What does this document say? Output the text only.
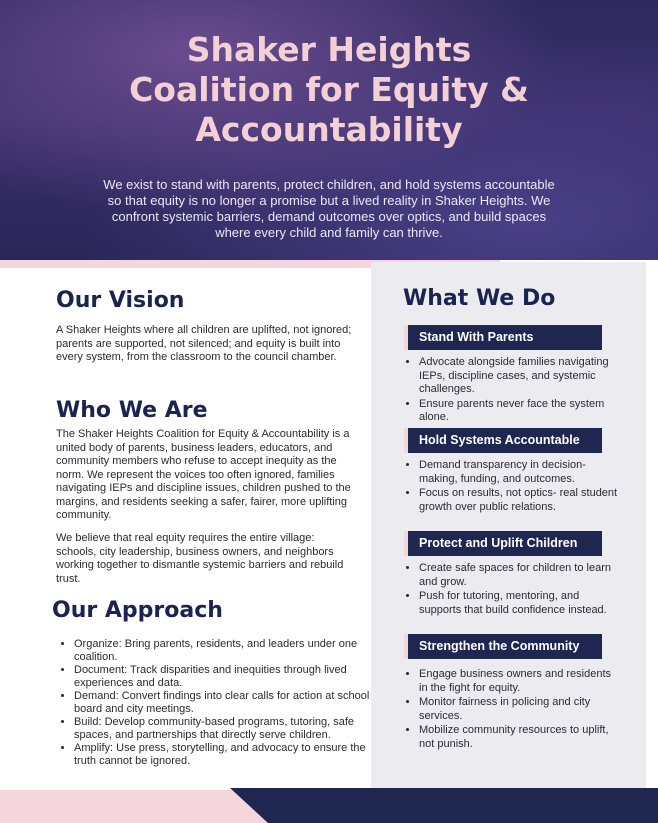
Shaker Heights
Coalition for Equity &
Accountability

We exist to stand with parents, protect children, and hold systems accountable so that equity is no longer a promise but a lived reality in Shaker Heights. We confront systemic barriers, demand outcomes over optics, and build spaces where every child and family can thrive.

Our Vision

A Shaker Heights where all children are uplifted, not ignored; parents are supported, not silenced; and equity is built into every system, from the classroom to the council chamber.

Who We Are

The Shaker Heights Coalition for Equity & Accountability is a united body of parents, business leaders, educators, and community members who refuse to accept inequity as the norm. We represent the voices too often ignored, families navigating IEPs and discipline issues, children pushed to the margins, and residents seeking a safer, fairer, more uplifting community.

We believe that real equity requires the entire village: schools, city leadership, business owners, and neighbors working together to dismantle systemic barriers and rebuild trust.

Our Approach
• Organize: Bring parents, residents, and leaders under one coalition.
• Document: Track disparities and inequities through lived experiences and data.
• Demand: Convert findings into clear calls for action at school board and city meetings.
• Build: Develop community-based programs, tutoring, safe spaces, and partnerships that directly serve children.
• Amplify: Use press, storytelling, and advocacy to ensure the truth cannot be ignored.
What We Do
Stand With Parents
• Advocate alongside families navigating IEPs, discipline cases, and systemic challenges.
• Ensure parents never face the system alone.
Hold Systems Accountable
• Demand transparency in decision-making, funding, and outcomes.
• Focus on results, not optics- real student growth over public relations.
Protect and Uplift Children
• Create safe spaces for children to learn and grow.
• Push for tutoring, mentoring, and supports that build confidence instead.
Strengthen the Community
• Engage business owners and residents in the fight for equity.
• Monitor fairness in policing and city services.
• Mobilize community resources to uplift, not punish.
